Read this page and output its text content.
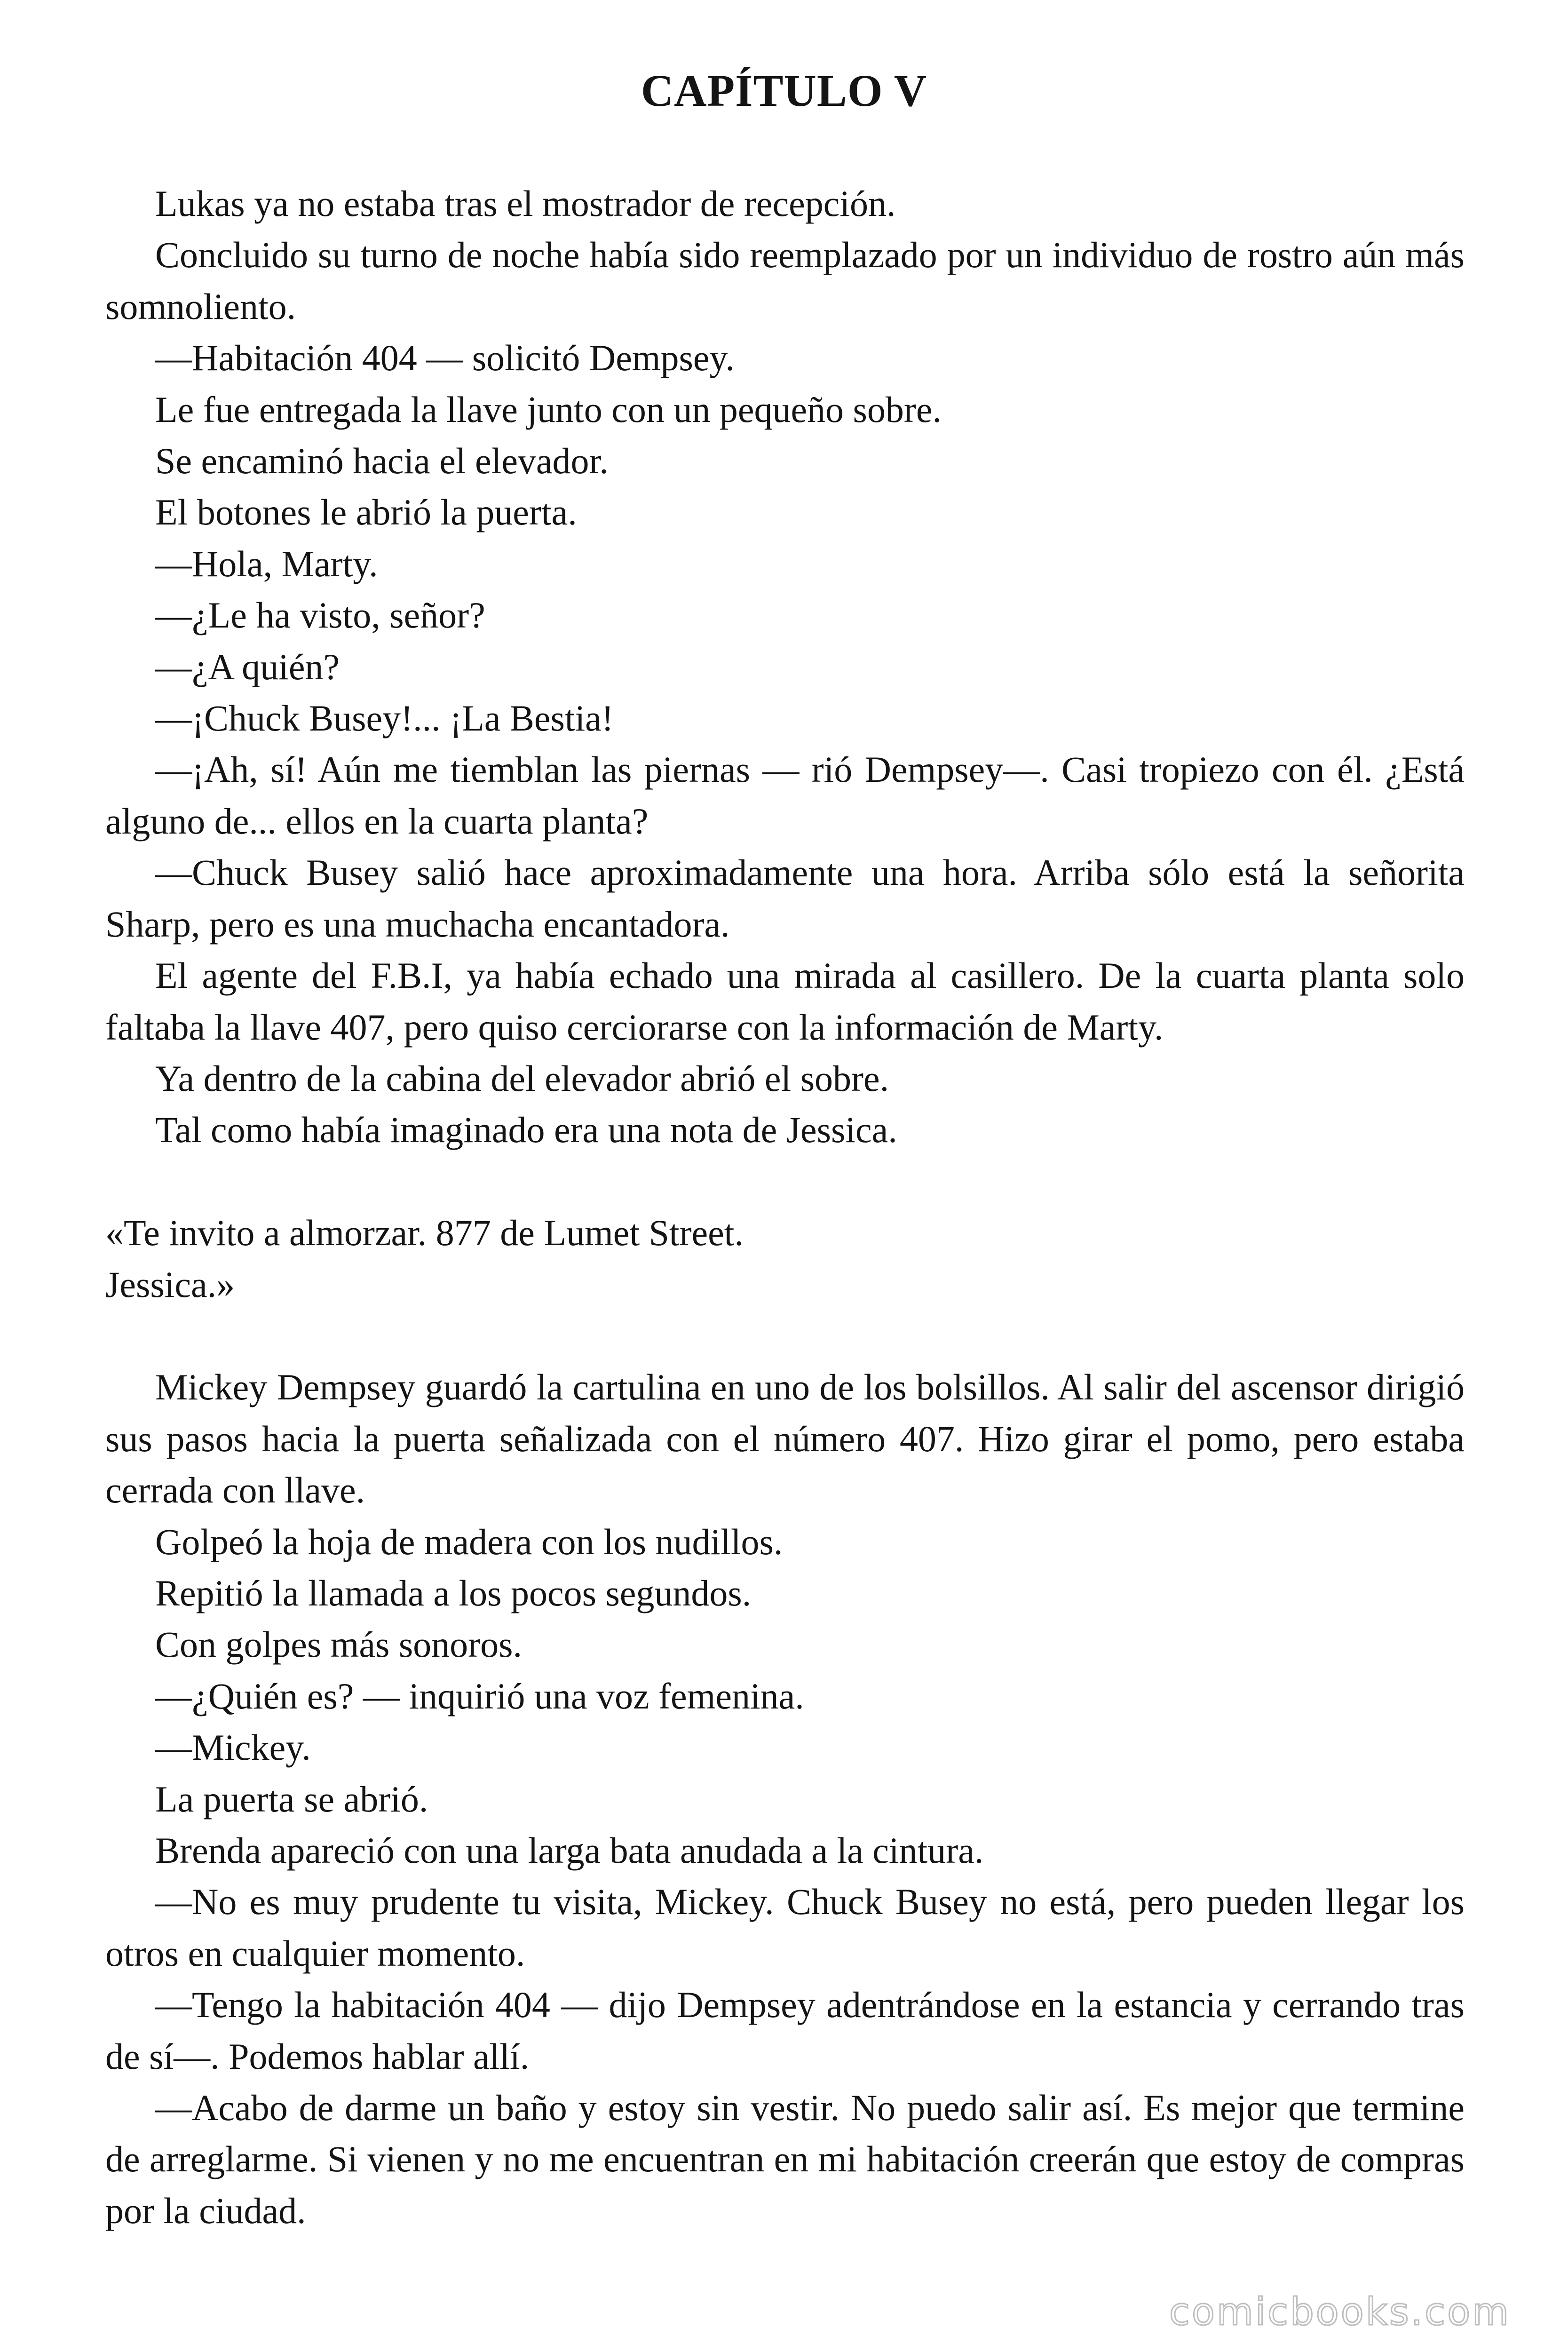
CAPÍTULO V

Lukas ya no estaba tras el mostrador de recepción.

Concluido su turno de noche había sido reemplazado por un individuo de rostro aún más somnoliento.

—Habitación 404 — solicitó Dempsey.

Le fue entregada la llave junto con un pequeño sobre.

Se encaminó hacia el elevador.

El botones le abrió la puerta.

—Hola, Marty.

—¿Le ha visto, señor?

—¿A quién?

—¡Chuck Busey!... ¡La Bestia!

—¡Ah, sí! Aún me tiemblan las piernas — rió Dempsey—. Casi tropiezo con él. ¿Está alguno de... ellos en la cuarta planta?

—Chuck Busey salió hace aproximadamente una hora. Arriba sólo está la señorita Sharp, pero es una muchacha encantadora.

El agente del F.B.I, ya había echado una mirada al casillero. De la cuarta planta solo faltaba la llave 407, pero quiso cerciorarse con la información de Marty.

Ya dentro de la cabina del elevador abrió el sobre.

Tal como había imaginado era una nota de Jessica.

«Te invito a almorzar. 877 de Lumet Street.

Jessica.»

Mickey Dempsey guardó la cartulina en uno de los bolsillos. Al salir del ascensor dirigió sus pasos hacia la puerta señalizada con el número 407. Hizo girar el pomo, pero estaba cerrada con llave.

Golpeó la hoja de madera con los nudillos.

Repitió la llamada a los pocos segundos.

Con golpes más sonoros.

—¿Quién es? — inquirió una voz femenina.

—Mickey.

La puerta se abrió.

Brenda apareció con una larga bata anudada a la cintura.

—No es muy prudente tu visita, Mickey. Chuck Busey no está, pero pueden llegar los otros en cualquier momento.

—Tengo la habitación 404 — dijo Dempsey adentrándose en la estancia y cerrando tras de sí—. Podemos hablar allí.

—Acabo de darme un baño y estoy sin vestir. No puedo salir así. Es mejor que termine de arreglarme. Si vienen y no me encuentran en mi habitación creerán que estoy de compras por la ciudad.

comicbooks.com
